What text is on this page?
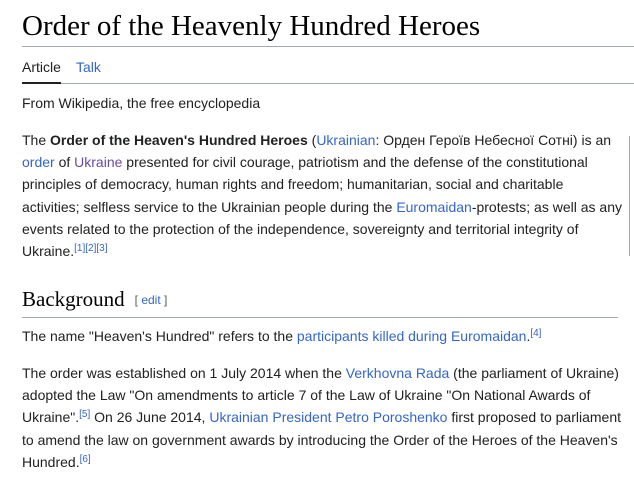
Order of the Heavenly Hundred Heroes
Article Talk
From Wikipedia, the free encyclopedia

The Order of the Heaven's Hundred Heroes (Ukrainian: Орден Героїв Небесної Сотні) is an order of Ukraine presented for civil courage, patriotism and the defense of the constitutional principles of democracy, human rights and freedom; humanitarian, social and charitable activities; selfless service to the Ukrainian people during the Euromaidan-protests; as well as any events related to the protection of the independence, sovereignty and territorial integrity of Ukraine.[1][2][3]

Background [ edit ]

The name "Heaven's Hundred" refers to the participants killed during Euromaidan.[4]

The order was established on 1 July 2014 when the Verkhovna Rada (the parliament of Ukraine) adopted the Law "On amendments to article 7 of the Law of Ukraine "On National Awards of Ukraine".[5] On 26 June 2014, Ukrainian President Petro Poroshenko first proposed to parliament to amend the law on government awards by introducing the Order of the Heroes of the Heaven's Hundred.[6]
